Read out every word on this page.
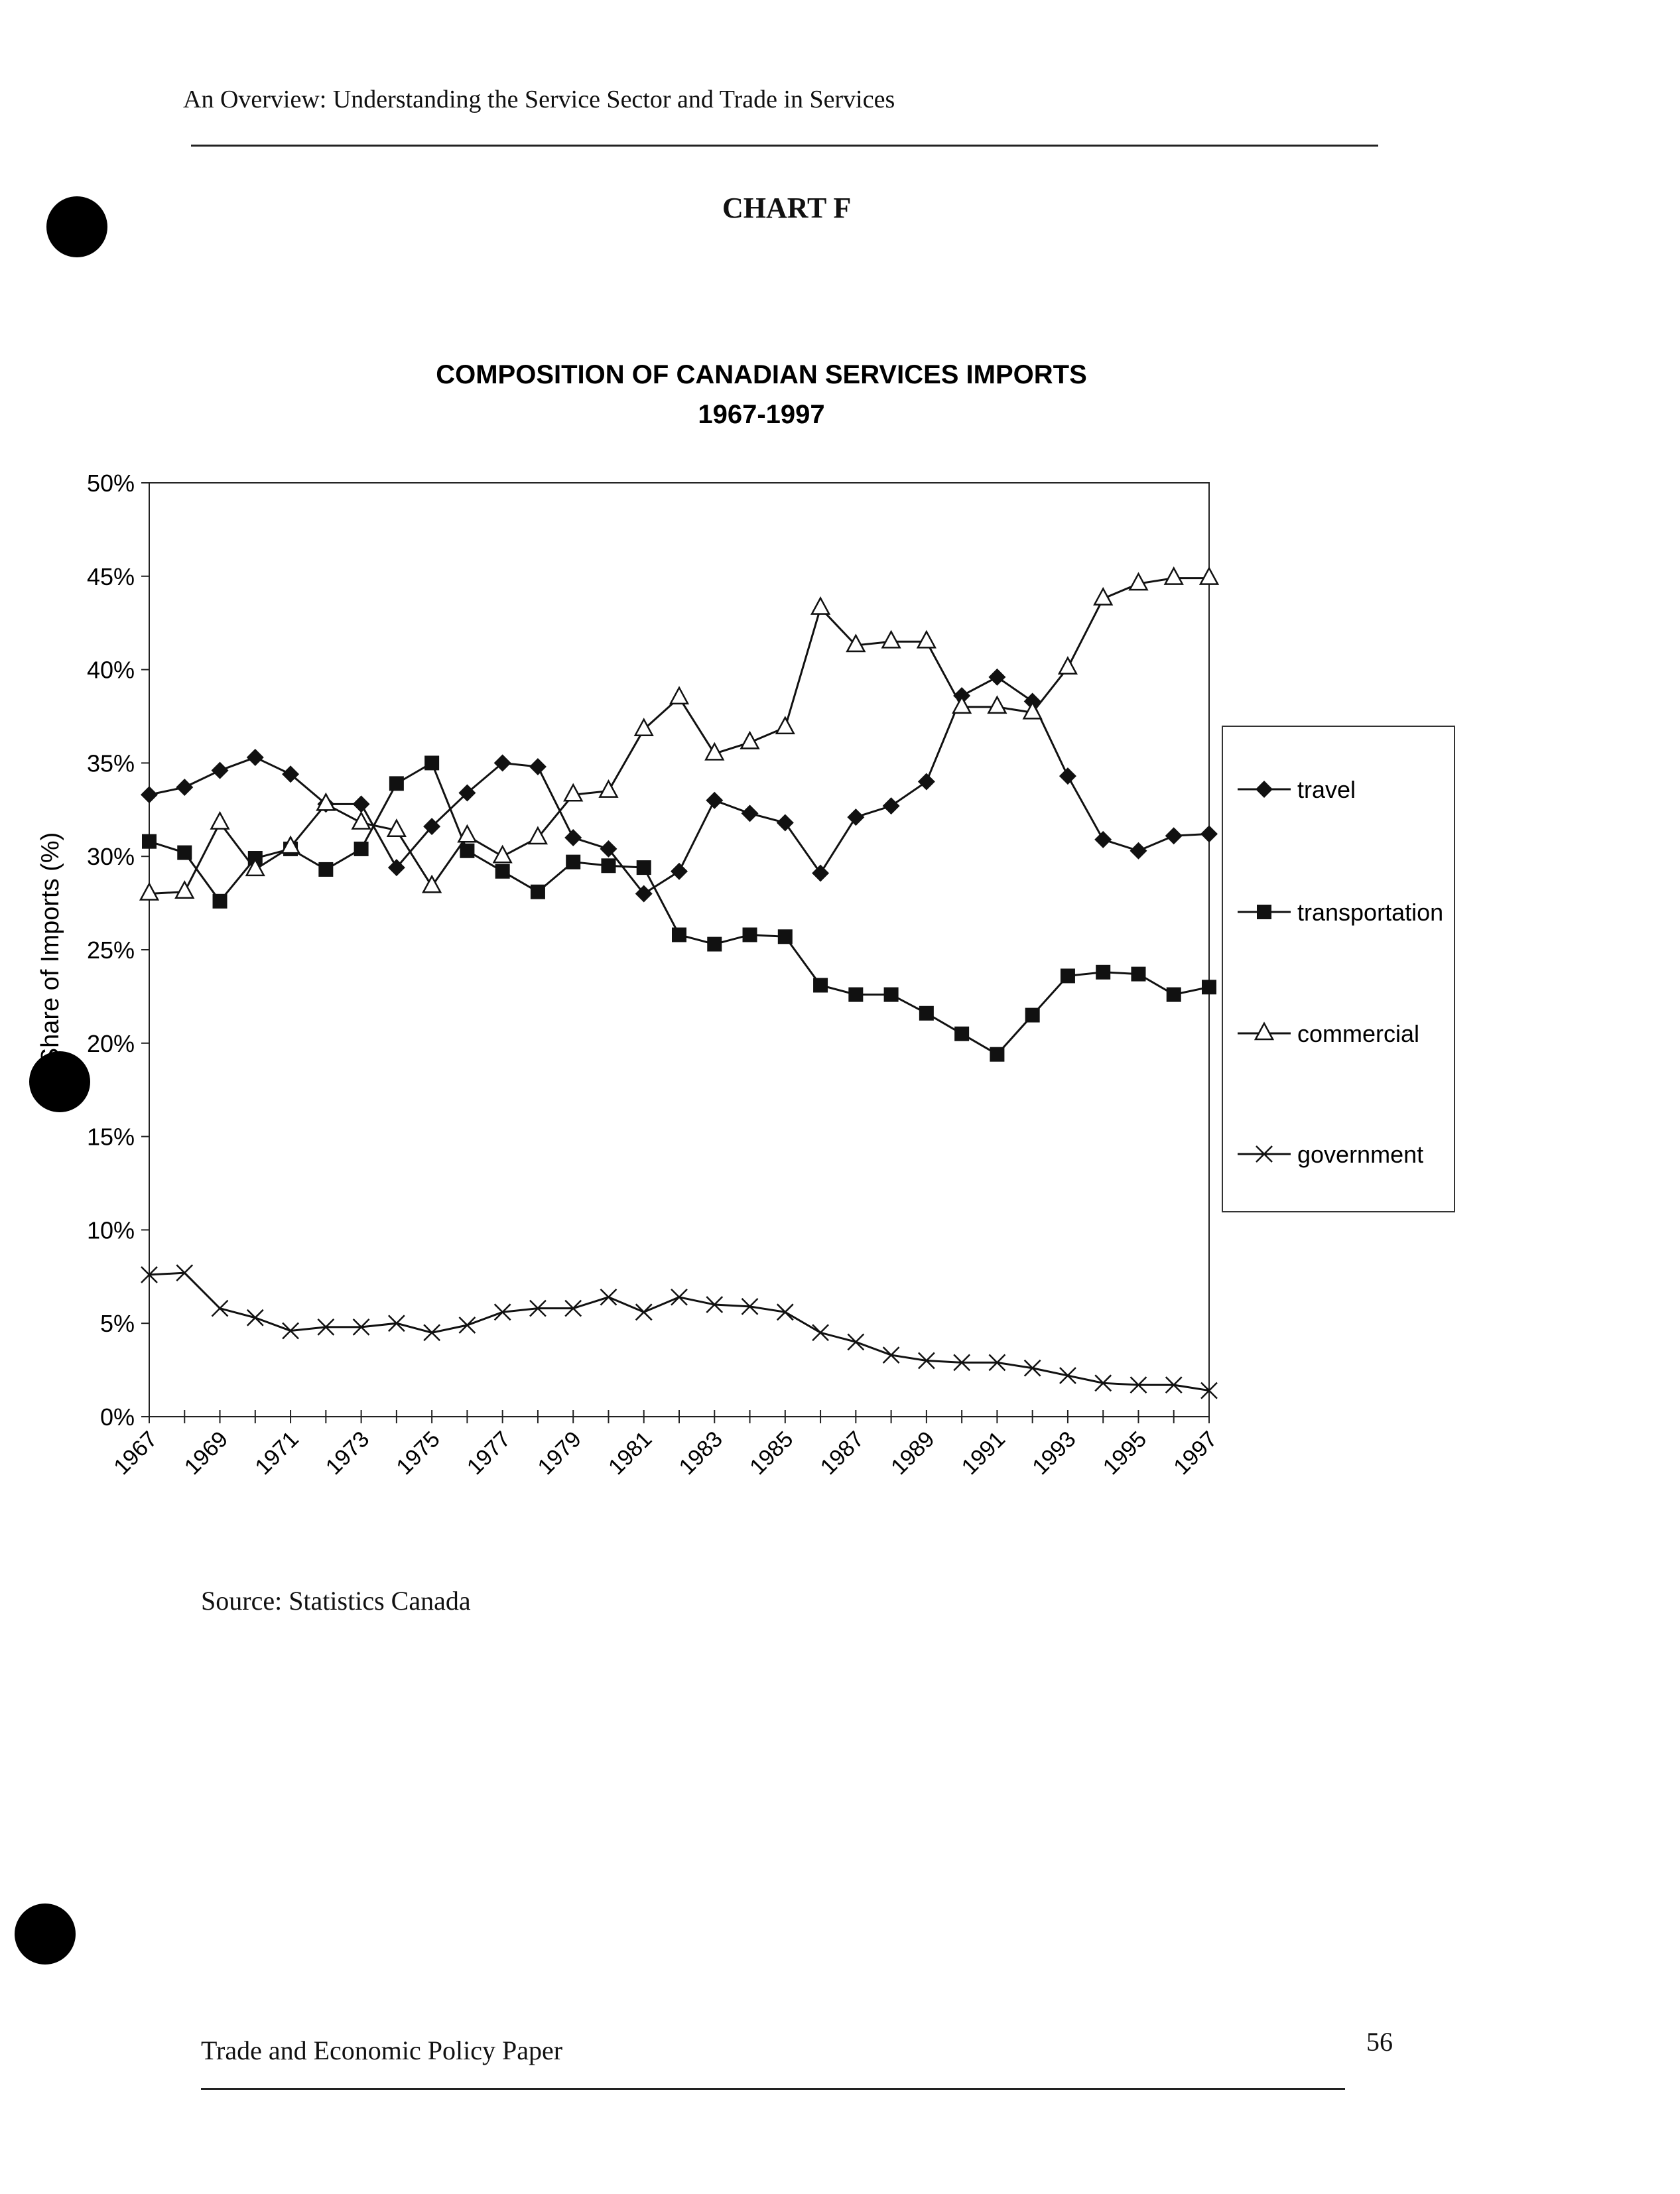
An Overview: Understanding the Service Sector and Trade in Services
CHART F
COMPOSITION OF CANADIAN SERVICES IMPORTS
1967-1997
0%
5%
10%
15%
20%
25%
30%
35%
40%
45%
50%
1967 1969 1971 1973 1975 1977 1979 1981 1983 1985 1987 1989 1991 1993 1995 1997
Share of Imports (%)
travel
transportation
commercial
government
Source: Statistics Canada
Trade and Economic Policy Paper	56
